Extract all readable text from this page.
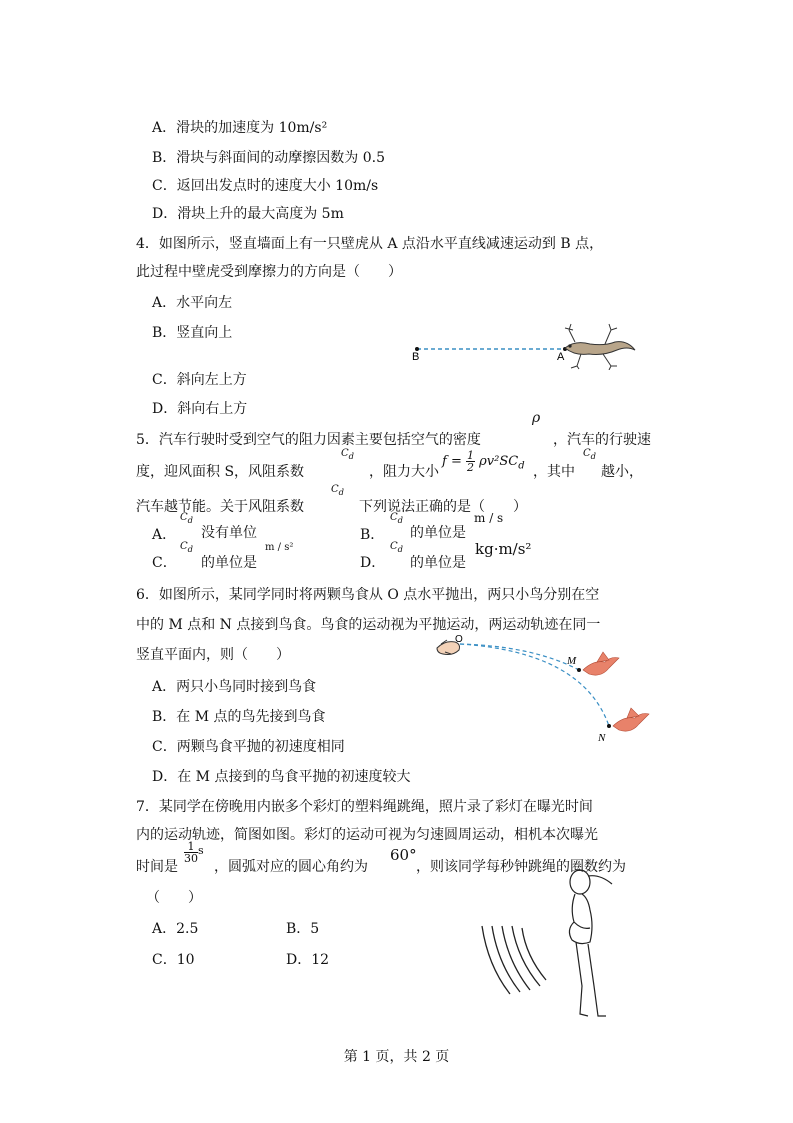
A．滑块的加速度为 10m/s²
B．滑块与斜面间的动摩擦因数为 0.5
C．返回出发点时的速度大小 10m/s
D．滑块上升的最大高度为 5m
4．如图所示，竖直墙面上有一只壁虎从 A 点沿水平直线减速运动到 B 点，
此过程中壁虎受到摩擦力的方向是（　　）
A．水平向左
B．竖直向上
C．斜向左上方
D．斜向右上方
B	A
ρ
5．汽车行驶时受到空气的阻力因素主要包括空气的密度	，汽车的行驶速
度，迎风面积 S，风阻系数
$C_d$
，阻力大小
$f = \frac{1}{2} \rho v^2SC_d$ ，其中
$C_d$
越小，
汽车越节能。关于风阻系数
$C_d$
下列说法正确的是（　　）
A．
$C_d$
没有单位	B．
$C_d$
的单位是
m / s
C．
$C_d$
的单位是
m / s²
D．
$C_d$
的单位是
kg·m/s²
6．如图所示，某同学同时将两颗鸟食从 O 点水平抛出，两只小鸟分别在空
中的 M 点和 N 点接到鸟食。鸟食的运动视为平抛运动，两运动轨迹在同一
竖直平面内，则（　　）
A．两只小鸟同时接到鸟食
B．在 M 点的鸟先接到鸟食
C．两颗鸟食平抛的初速度相同
D．在 M 点接到的鸟食平抛的初速度较大
O
M
N
7．某同学在傍晚用内嵌多个彩灯的塑料绳跳绳，照片录了彩灯在曝光时间
内的运动轨迹，简图如图。彩灯的运动可视为匀速圆周运动，相机本次曝光
时间是
$\frac{1}{30} ^s$
，圆弧对应的圆心角约为
60°
，则该同学每秒钟跳绳的圈数约为
（　　）
A．2.5	B．5
C．10	D．12
第 1 页，共 2 页
